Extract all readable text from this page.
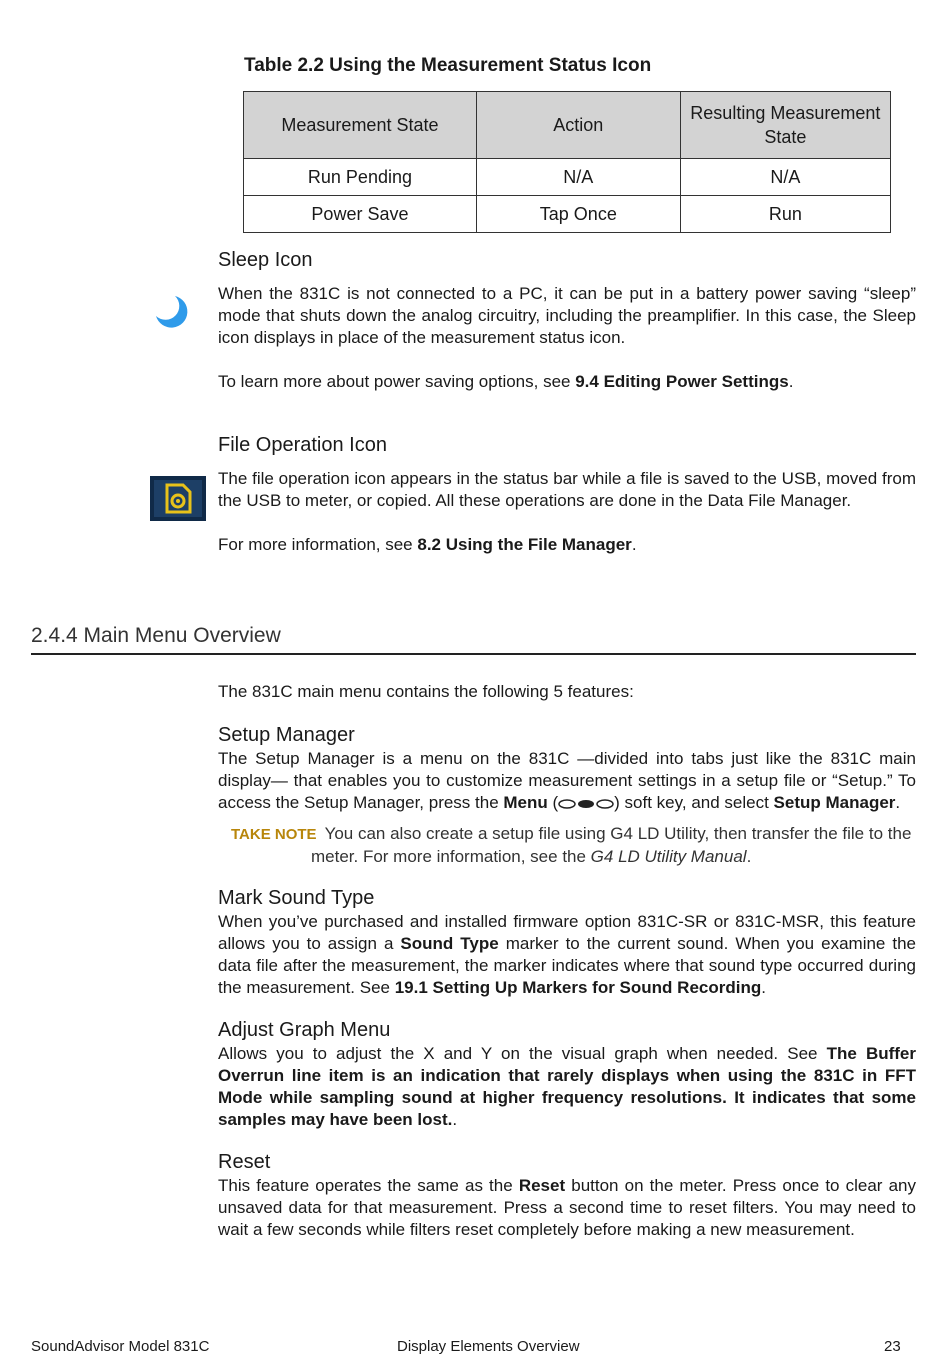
Table 2.2 Using the Measurement Status Icon
Measurement State	Action	Resulting Measurement State
Run Pending	N/A	N/A
Power Save	Tap Once	Run
Sleep Icon
When the 831C is not connected to a PC, it can be put in a battery power saving “sleep” mode that shuts down the analog circuitry, including the preamplifier. In this case, the Sleep icon displays in place of the measurement status icon.
To learn more about power saving options, see 9.4 Editing Power Settings.
File Operation Icon
The file operation icon appears in the status bar while a file is saved to the USB, moved from the USB to meter, or copied. All these operations are done in the Data File Manager.
For more information, see 8.2 Using the File Manager.
2.4.4 Main Menu Overview
The 831C main menu contains the following 5 features:
Setup Manager
The Setup Manager is a menu on the 831C —divided into tabs just like the 831C main display— that enables you to customize measurement settings in a setup file or “Setup.” To access the Setup Manager, press the Menu (	) soft key, and select Setup Manager.
TAKE NOTE You can also create a setup file using G4 LD Utility, then transfer the file to the
meter. For more information, see the G4 LD Utility Manual.
Mark Sound Type
When you’ve purchased and installed firmware option 831C-SR or 831C-MSR, this feature allows you to assign a Sound Type marker to the current sound. When you examine the data file after the measurement, the marker indicates where that sound type occurred during the measurement. See 19.1 Setting Up Markers for Sound Recording.
Adjust Graph Menu
Allows you to adjust the X and Y on the visual graph when needed. See The Buffer Overrun line item is an indication that rarely displays when using the 831C in FFT Mode while sampling sound at higher frequency resolutions. It indicates that some samples may have been lost..
Reset
This feature operates the same as the Reset button on the meter. Press once to clear any unsaved data for that measurement. Press a second time to reset filters. You may need to wait a few seconds while filters reset completely before making a new measurement.
SoundAdvisor Model 831C	Display Elements Overview	23
